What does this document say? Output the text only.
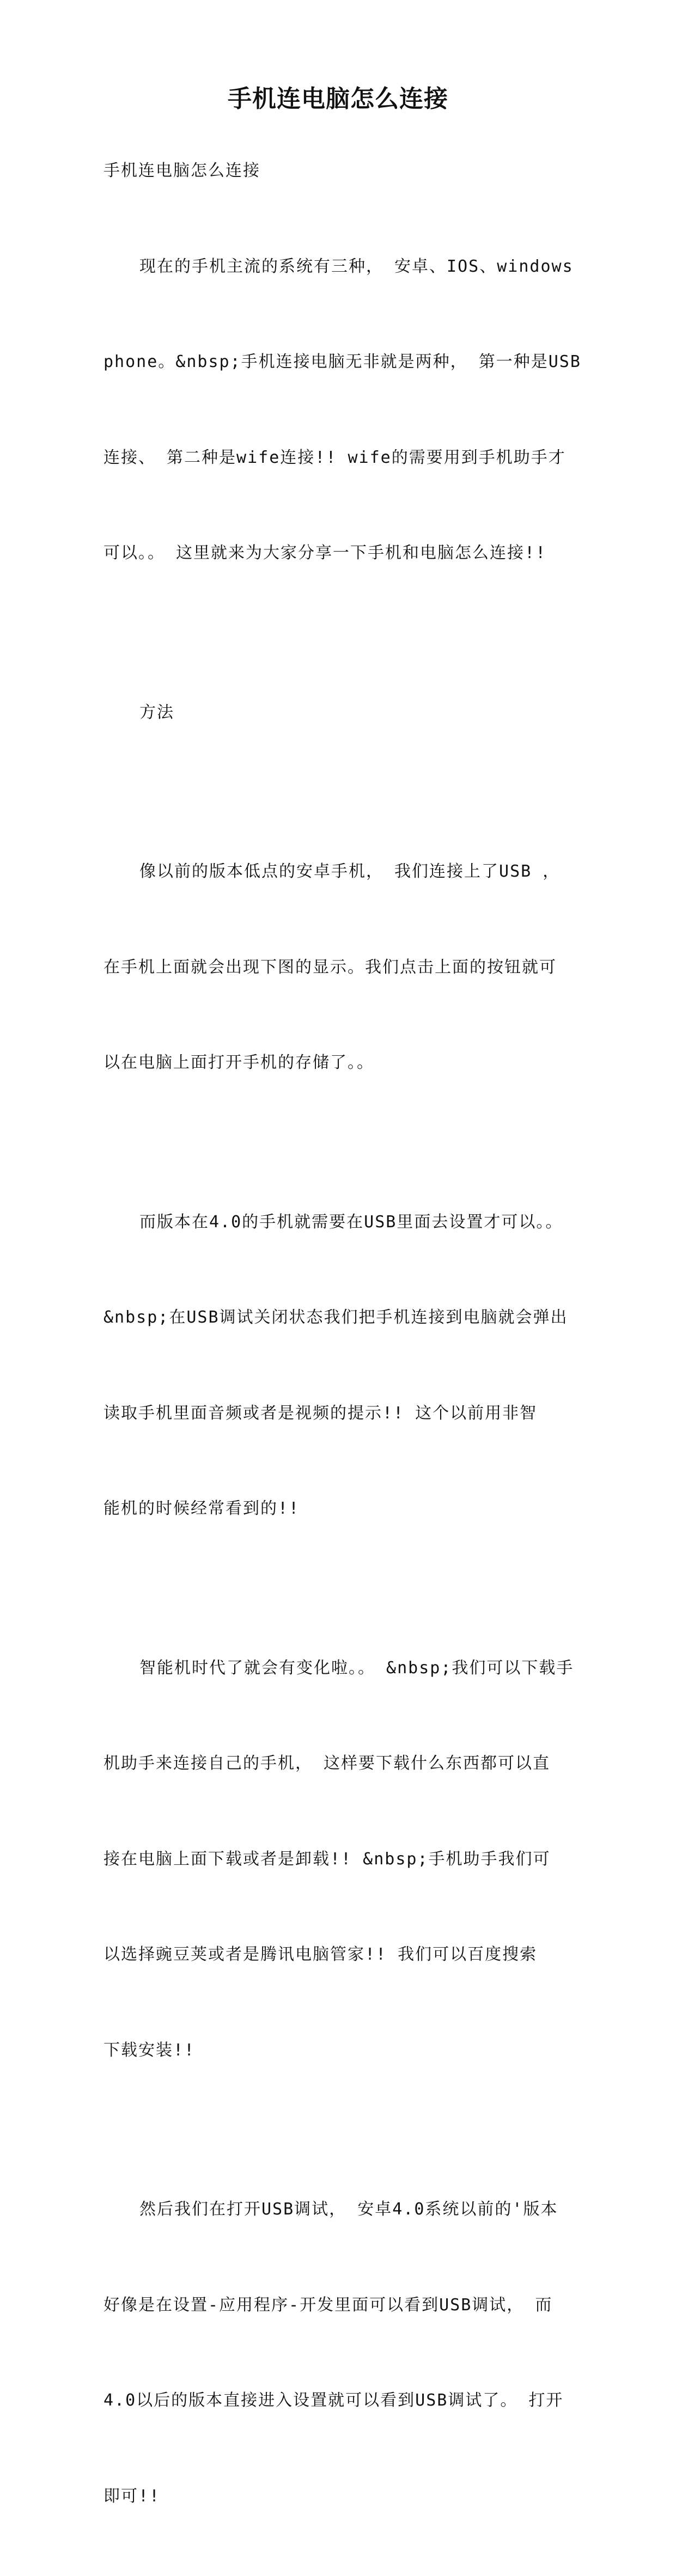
手机连电脑怎么连接

手机连电脑怎么连接

现在的手机主流的系统有三种， 安卓、IOS、windows

phone。&nbsp;手机连接电脑无非就是两种， 第一种是USB

连接、 第二种是wife连接!! wife的需要用到手机助手才

可以。。 这里就来为大家分享一下手机和电脑怎么连接!!

方法

像以前的版本低点的安卓手机， 我们连接上了USB ，

在手机上面就会出现下图的显示。我们点击上面的按钮就可

以在电脑上面打开手机的存储了。。

而版本在4.0的手机就需要在USB里面去设置才可以。。

&nbsp;在USB调试关闭状态我们把手机连接到电脑就会弹出

读取手机里面音频或者是视频的提示!! 这个以前用非智

能机的时候经常看到的!!

智能机时代了就会有变化啦。。 &nbsp;我们可以下载手

机助手来连接自己的手机， 这样要下载什么东西都可以直

接在电脑上面下载或者是卸载!! &nbsp;手机助手我们可

以选择豌豆荚或者是腾讯电脑管家!! 我们可以百度搜索

下载安装!!

然后我们在打开USB调试， 安卓4.0系统以前的'版本

好像是在设置-应用程序-开发里面可以看到USB调试， 而

4.0以后的版本直接进入设置就可以看到USB调试了。 打开

即可!!
